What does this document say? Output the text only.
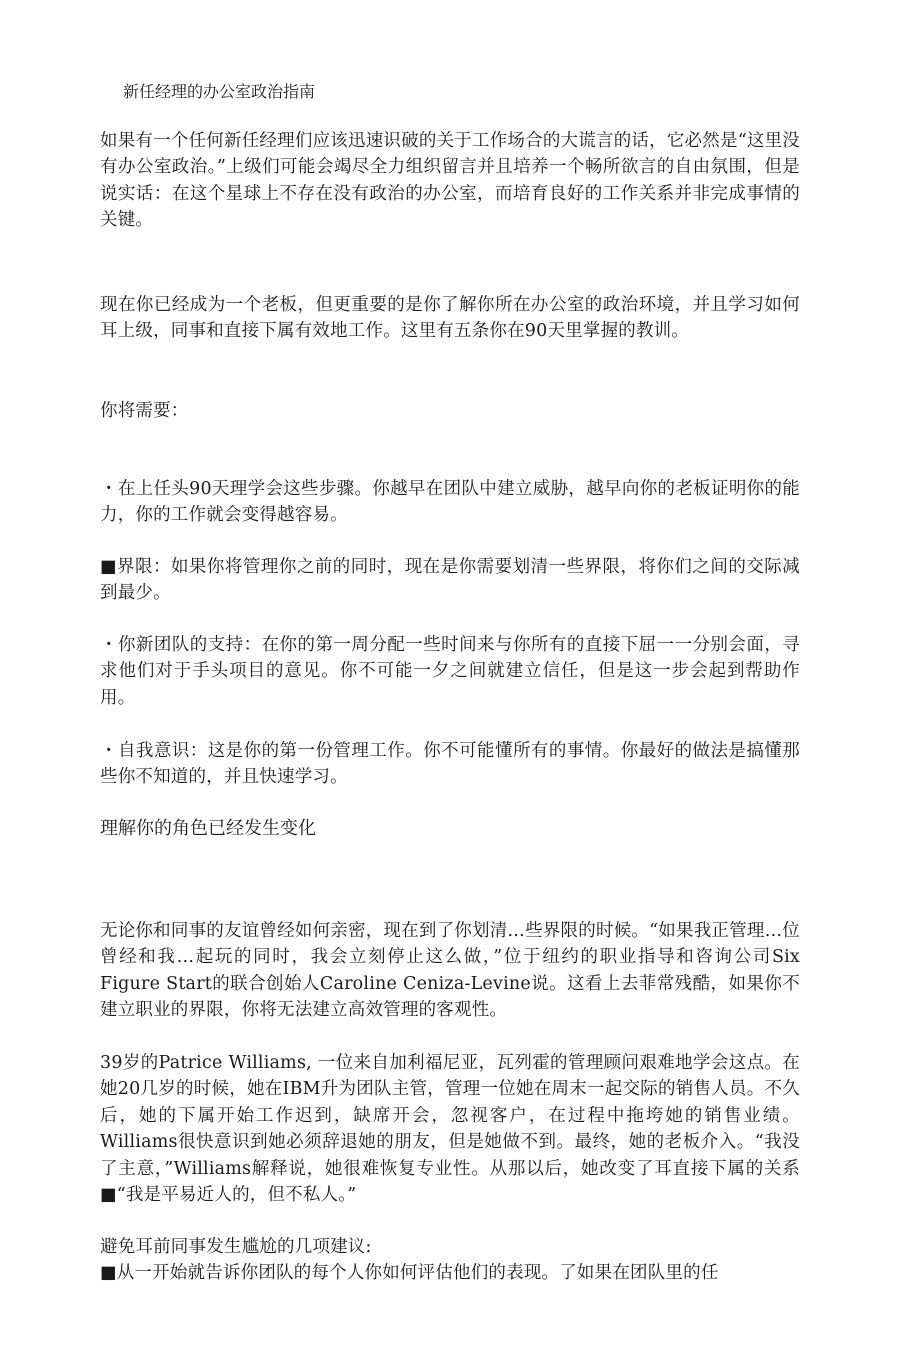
新任经理的办公室政治指南

如果有一个任何新任经理们应该迅速识破的关于工作场合的大谎言的话，它必然是“这里没有办公室政治。”上级们可能会竭尽全力组织留言并且培养一个畅所欲言的自由氛围，但是说实话：在这个星球上不存在没有政治的办公室，而培育良好的工作关系并非完成事情的关键。

现在你已经成为一个老板，但更重要的是你了解你所在办公室的政治环境，并且学习如何耳上级，同事和直接下属有效地工作。这里有五条你在90天里掌握的教训。

你将需要：

・在上任头90天理学会这些步骤。你越早在团队中建立威胁，越早向你的老板证明你的能力，你的工作就会变得越容易。

■界限：如果你将管理你之前的同时，现在是你需要划清一些界限，将你们之间的交际减到最少。

・你新团队的支持：在你的第一周分配一些时间来与你所有的直接下屈一一分别会面，寻求他们对于手头项目的意见。你不可能一夕之间就建立信任，但是这一步会起到帮助作用。

・自我意识：这是你的第一份管理工作。你不可能懂所有的事情。你最好的做法是搞懂那些你不知道的，并且快速学习。

理解你的角色已经发生变化

无论你和同事的友谊曾经如何亲密，现在到了你划清…些界限的时候。“如果我正管理…位曾经和我…起玩的同时，我会立刻停止这么做，”位于纽约的职业指导和咨询公司Six Figure Start的联合创始人Caroline Ceniza-Levine说。这看上去菲常残酷，如果你不建立职业的界限，你将无法建立高效管理的客观性。

39岁的Patrice Williams, 一位来自加利福尼亚，瓦列霍的管理顾问艰难地学会这点。在她20几岁的时候，她在IBM升为团队主管，管理一位她在周末一起交际的销售人员。不久后，她的下属开始工作迟到，缺席开会，忽视客户，在过程中拖垮她的销售业绩。Williams很快意识到她必须辞退她的朋友，但是她做不到。最终，她的老板介入。“我没了主意，”Williams解释说，她很难恢复专业性。从那以后，她改变了耳直接下属的关系■“我是平易近人的，但不私人。”

避免耳前同事发生尴尬的几项建议:

■从一开始就告诉你团队的每个人你如何评估他们的表现。了如果在团队里的任
